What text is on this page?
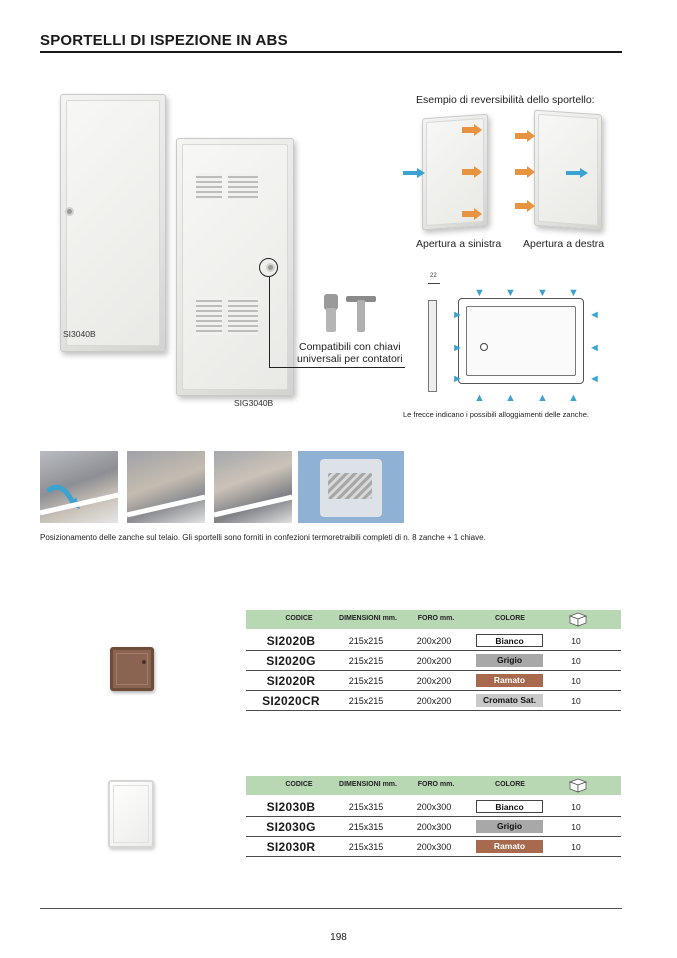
SPORTELLI DI ISPEZIONE IN ABS
SI3040B
SIG3040B
Compatibili con chiavi
universali per contatori
Esempio di reversibilità dello sportello:
Apertura a sinistra Apertura a destra
22
▼ ▼ ▼ ▼
▲ ▲ ▲ ▲
►
►
►
◄
◄
◄
Le frecce indicano i possibili alloggiamenti delle zanche.
Posizionamento delle zanche sul telaio. Gli sportelli sono forniti in confezioni termoretraibili completi di n. 8 zanche + 1 chiave.
CODICE	DIMENSIONI mm.	FORO mm.	COLORE
SI2020B	215x215	200x200	Bianco	10
SI2020G	215x215	200x200	Grigio	10
SI2020R	215x215	200x200	Ramato	10
SI2020CR	215x215	200x200	Cromato Sat.	10
CODICE	DIMENSIONI mm.	FORO mm.	COLORE
SI2030B	215x315	200x300	Bianco	10
SI2030G	215x315	200x300	Grigio	10
SI2030R	215x315	200x300	Ramato	10
198
